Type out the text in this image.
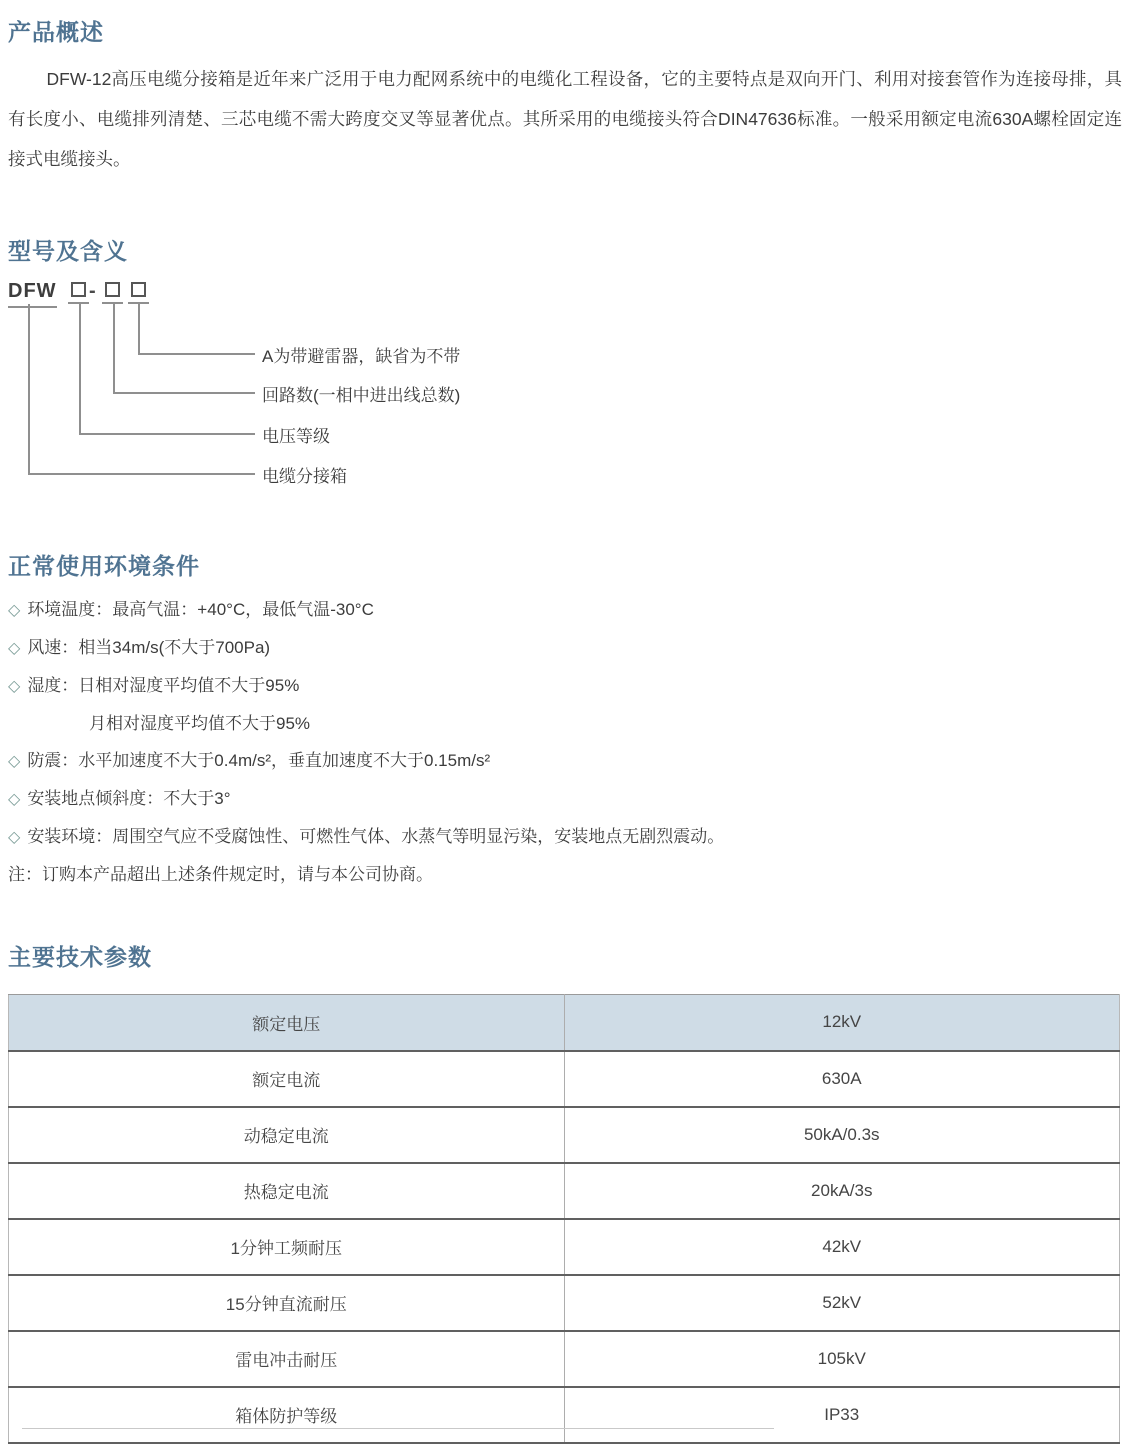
产品概述

DFW-12高压电缆分接箱是近年来广泛用于电力配网系统中的电缆化工程设备，它的主要特点是双向开门、利用对接套管作为连接母排，具有长度小、电缆排列清楚、三芯电缆不需大跨度交叉等显著优点。其所采用的电缆接头符合DIN47636标准。一般采用额定电流630A螺栓固定连接式电缆接头。

型号及含义
DFW -
A为带避雷器，缺省为不带
回路数(一相中进出线总数)
电压等级
电缆分接箱
正常使用环境条件
◇ 环境温度：最高气温：+40°C，最低气温-30°C
◇ 风速：相当34m/s(不大于700Pa)
◇ 湿度：日相对湿度平均值不大于95%
月相对湿度平均值不大于95%
◇ 防震：水平加速度不大于0.4m/s²，垂直加速度不大于0.15m/s²
◇ 安装地点倾斜度：不大于3°
◇ 安装环境：周围空气应不受腐蚀性、可燃性气体、水蒸气等明显污染，安装地点无剧烈震动。
注：订购本产品超出上述条件规定时，请与本公司协商。
主要技术参数
额定电压	12kV
额定电流	630A
动稳定电流	50kA/0.3s
热稳定电流	20kA/3s
1分钟工频耐压	42kV
15分钟直流耐压	52kV
雷电冲击耐压	105kV
箱体防护等级	IP33
